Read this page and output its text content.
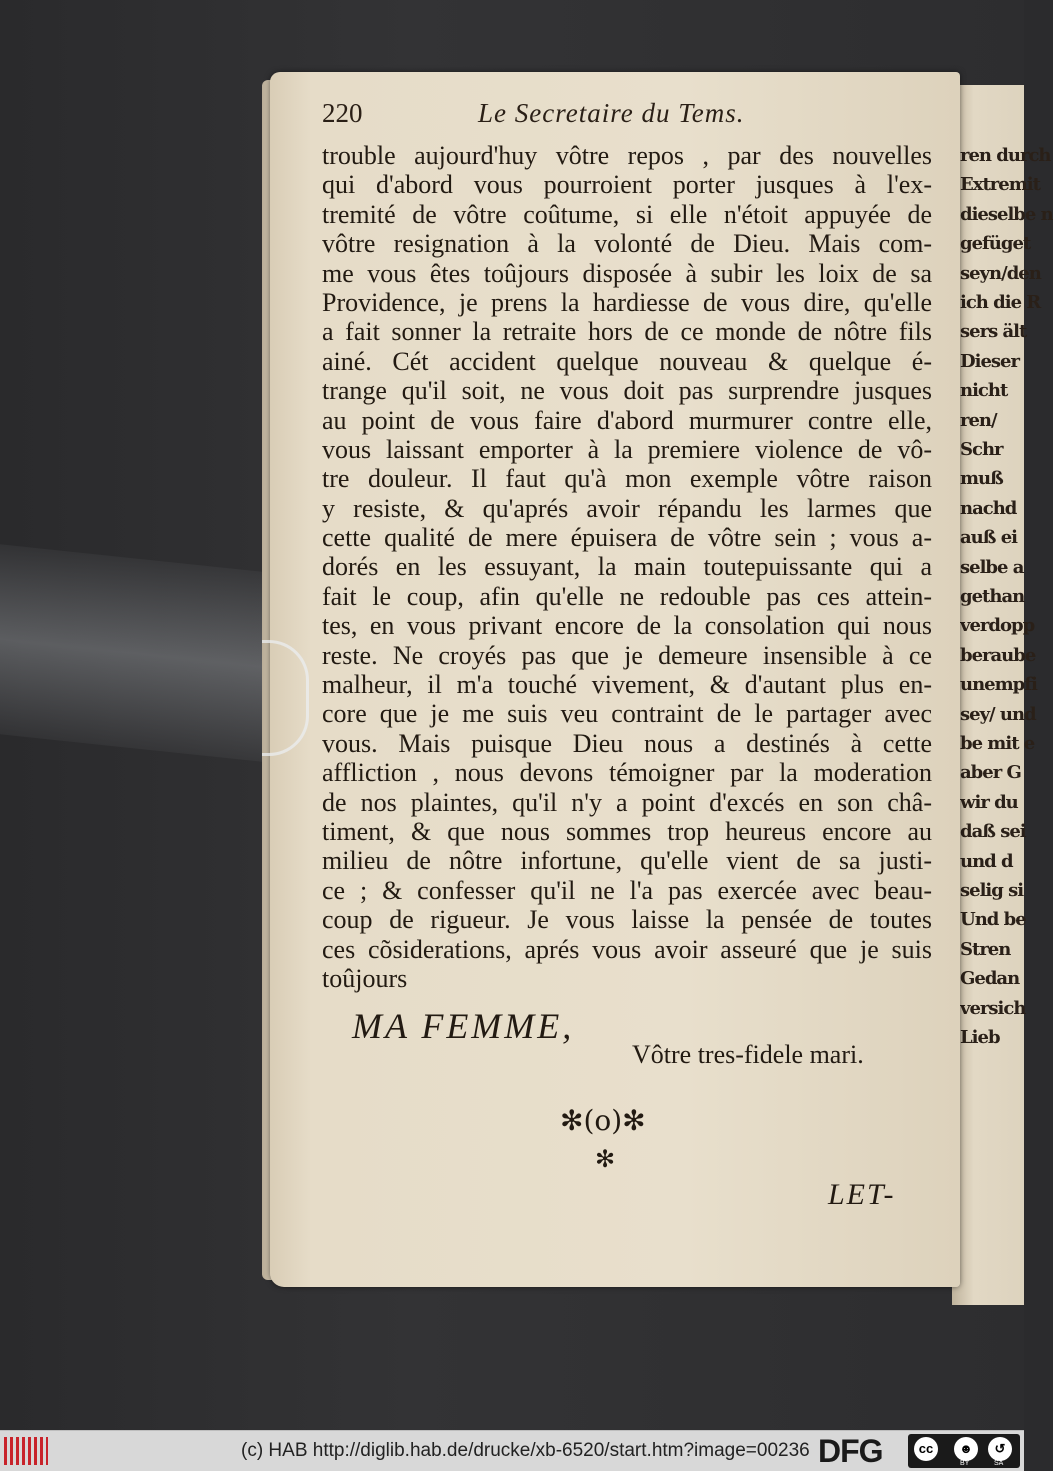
ren durch
Extremit
dieselbe n
gefüget
seyn/den
ich die R
sers ält
Dieser
nicht
ren/
Schr
muß
nachd
auß ei
selbe a
gethan
verdopp
beraube
unempfi
sey/ und
be mit e
aber G
wir du
daß sei
und d
selig si
Und be
Stren
Gedan
versich
Lieb
220	Le Secretaire du Tems.
trouble aujourd'huy vôtre repos , par des nouvelles
qui d'abord vous pourroient porter jusques à l'ex-
tremité de vôtre coûtume, si elle n'étoit appuyée de
vôtre resignation à la volonté de Dieu. Mais com-
me vous êtes toûjours disposée à subir les loix de sa
Providence, je prens la hardiesse de vous dire, qu'elle
a fait sonner la retraite hors de ce monde de nôtre fils
ainé. Cét accident quelque nouveau & quelque é-
trange qu'il soit, ne vous doit pas surprendre jusques
au point de vous faire d'abord murmurer contre elle,
vous laissant emporter à la premiere violence de vô-
tre douleur. Il faut qu'à mon exemple vôtre raison
y resiste, & qu'aprés avoir répandu les larmes que
cette qualité de mere épuisera de vôtre sein ; vous a-
dorés en les essuyant, la main toutepuissante qui a
fait le coup, afin qu'elle ne redouble pas ces attein-
tes, en vous privant encore de la consolation qui nous
reste. Ne croyés pas que je demeure insensible à ce
malheur, il m'a touché vivement, & d'autant plus en-
core que je me suis veu contraint de le partager avec
vous. Mais puisque Dieu nous a destinés à cette
affliction , nous devons témoigner par la moderation
de nos plaintes, qu'il n'y a point d'excés en son châ-
timent, & que nous sommes trop heureus encore au
milieu de nôtre infortune, qu'elle vient de sa justi-
ce ; & confesser qu'il ne l'a pas exercée avec beau-
coup de rigueur. Je vous laisse la pensée de toutes
ces cõsiderations, aprés vous avoir asseuré que je suis
toûjours
MA FEMME,
Vôtre tres-fidele mari.
✻(o)✻
✻
LET-
(c) HAB http://diglib.hab.de/drucke/xb-6520/start.htm?image=00236 DFG	cc	☻	↺
BY	SA
